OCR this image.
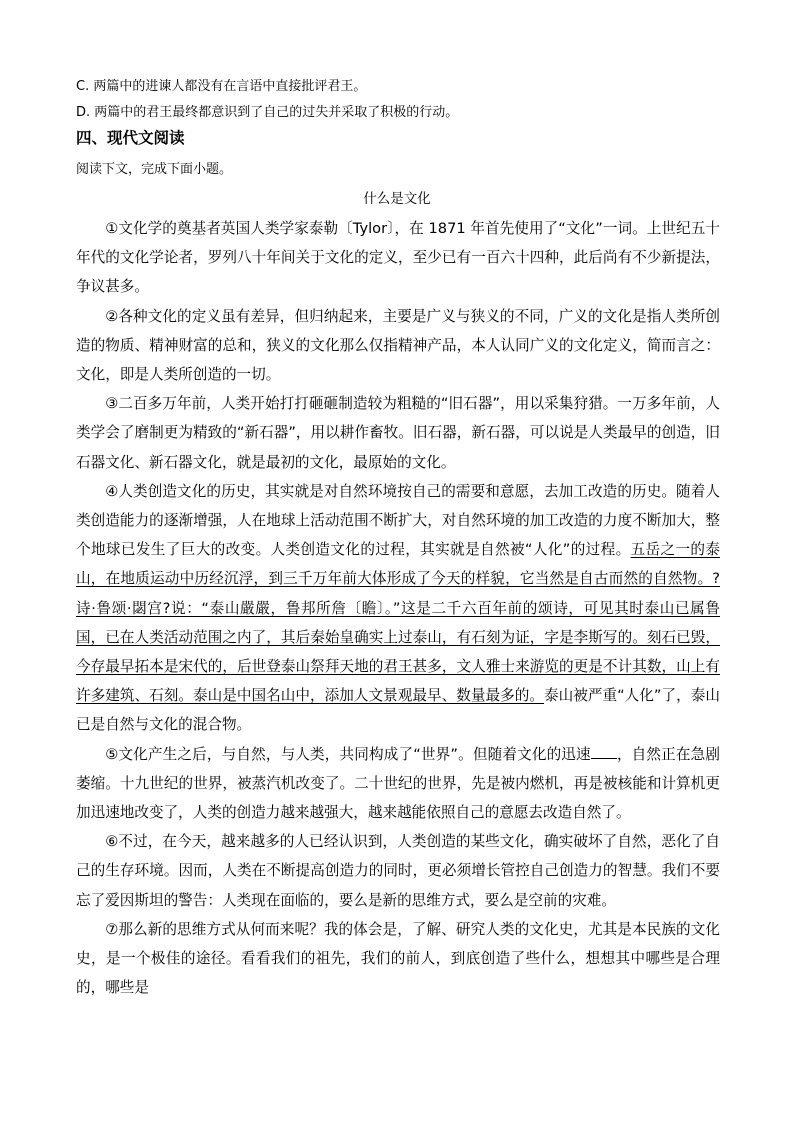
C. 两篇中的进谏人都没有在言语中直接批评君王。
D. 两篇中的君王最终都意识到了自己的过失并采取了积极的行动。
四、现代文阅读
阅读下文，完成下面小题。
什么是文化

①文化学的奠基者英国人类学家泰勒〔Tylor〕，在 1871 年首先使用了“文化”一词。上世纪五十年代的文化学论者，罗列八十年间关于文化的定义，至少已有一百六十四种，此后尚有不少新提法，争议甚多。

②各种文化的定义虽有差异，但归纳起来，主要是广义与狭义的不同，广义的文化是指人类所创造的物质、精神财富的总和，狭义的文化那么仅指精神产品，本人认同广义的文化定义，简而言之：文化，即是人类所创造的一切。

③二百多万年前，人类开始打打砸砸制造较为粗糙的“旧石器”，用以采集狩猎。一万多年前，人类学会了磨制更为精致的“新石器”，用以耕作畜牧。旧石器，新石器，可以说是人类最早的创造，旧石器文化、新石器文化，就是最初的文化，最原始的文化。

④人类创造文化的历史，其实就是对自然环境按自己的需要和意愿，去加工改造的历史。随着人类创造能力的逐渐增强，人在地球上活动范围不断扩大，对自然环境的加工改造的力度不断加大，整个地球已发生了巨大的改变。人类创造文化的过程，其实就是自然被“人化”的过程。五岳之一的泰山，在地质运动中历经沉浮，到三千万年前大体形成了今天的样貌，它当然是自古而然的自然物。?诗·鲁颂·閟宫?说：“泰山嚴嚴，鲁邦所詹〔瞻〕。”这是二千六百年前的颂诗，可见其时泰山已属鲁国，已在人类活动范围之内了，其后秦始皇确实上过泰山，有石刻为证，字是李斯写的。刻石已毁，今存最早拓本是宋代的，后世登泰山祭拜天地的君王甚多，文人雅士来游览的更是不计其数，山上有许多建筑、石刻。泰山是中国名山中，添加人文景观最早、数量最多的。泰山被严重“人化”了，泰山已是自然与文化的混合物。

⑤文化产生之后，与自然，与人类，共同构成了“世界”。但随着文化的迅速 ，自然正在急剧萎缩。十九世纪的世界，被蒸汽机改变了。二十世纪的世界，先是被内燃机，再是被核能和计算机更加迅速地改变了，人类的创造力越来越强大，越来越能依照自己的意愿去改造自然了。

⑥不过，在今天，越来越多的人已经认识到，人类创造的某些文化，确实破坏了自然，恶化了自己的生存环境。因而，人类在不断提高创造力的同时，更必须增长管控自己创造力的智慧。我们不要忘了爱因斯坦的警告：人类现在面临的，要么是新的思维方式，要么是空前的灾难。

⑦那么新的思维方式从何而来呢？我的体会是，了解、研究人类的文化史，尤其是本民族的文化史，是一个极佳的途径。看看我们的祖先，我们的前人，到底创造了些什么，想想其中哪些是合理的，哪些是
